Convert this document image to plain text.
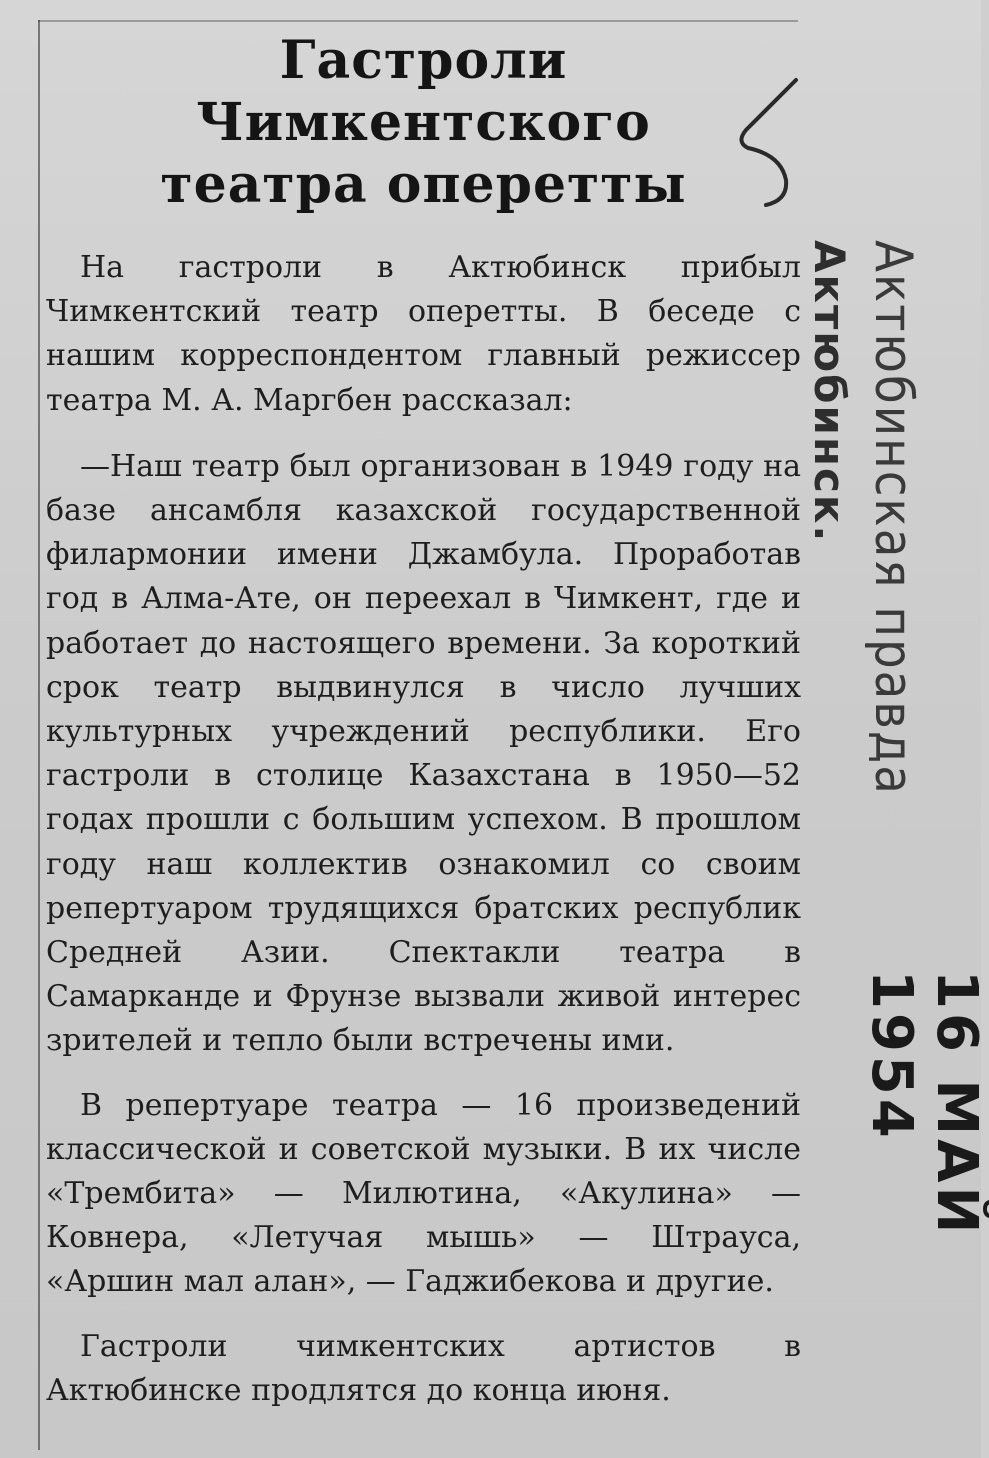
Гастроли Чимкентского
театра оперетты

На гастроли в Актюбинск прибыл Чимкентский театр оперетты. В беседе с нашим корреспондентом главный режиссер театра М. А. Маргбен рассказал:

—Наш театр был организован в 1949 году на базе ансамбля казахской государственной филармонии имени Джамбула. Проработав год в Алма-Ате, он переехал в Чимкент, где и работает до настоящего времени. За короткий срок театр выдвинулся в число лучших культурных учреждений республики. Его гастроли в столице Казахстана в 1950—52 годах прошли с большим успехом. В прошлом году наш коллектив ознакомил со своим репертуаром трудящихся братских республик Средней Азии. Спектакли театра в Самарканде и Фрунзе вызвали живой интерес зрителей и тепло были встречены ими.

В репертуаре театра — 16 произведений классической и советской музыки. В их числе «Трембита» — Милютина, «Акулина» — Ковнера, «Летучая мышь» — Штрауса, «Аршин мал алан», — Гаджибекова и другие.

Гастроли чимкентских артистов в Актюбинске продлятся до конца июня.

Актюбинск. Актюбинская правда
16 МАЙ 1954
